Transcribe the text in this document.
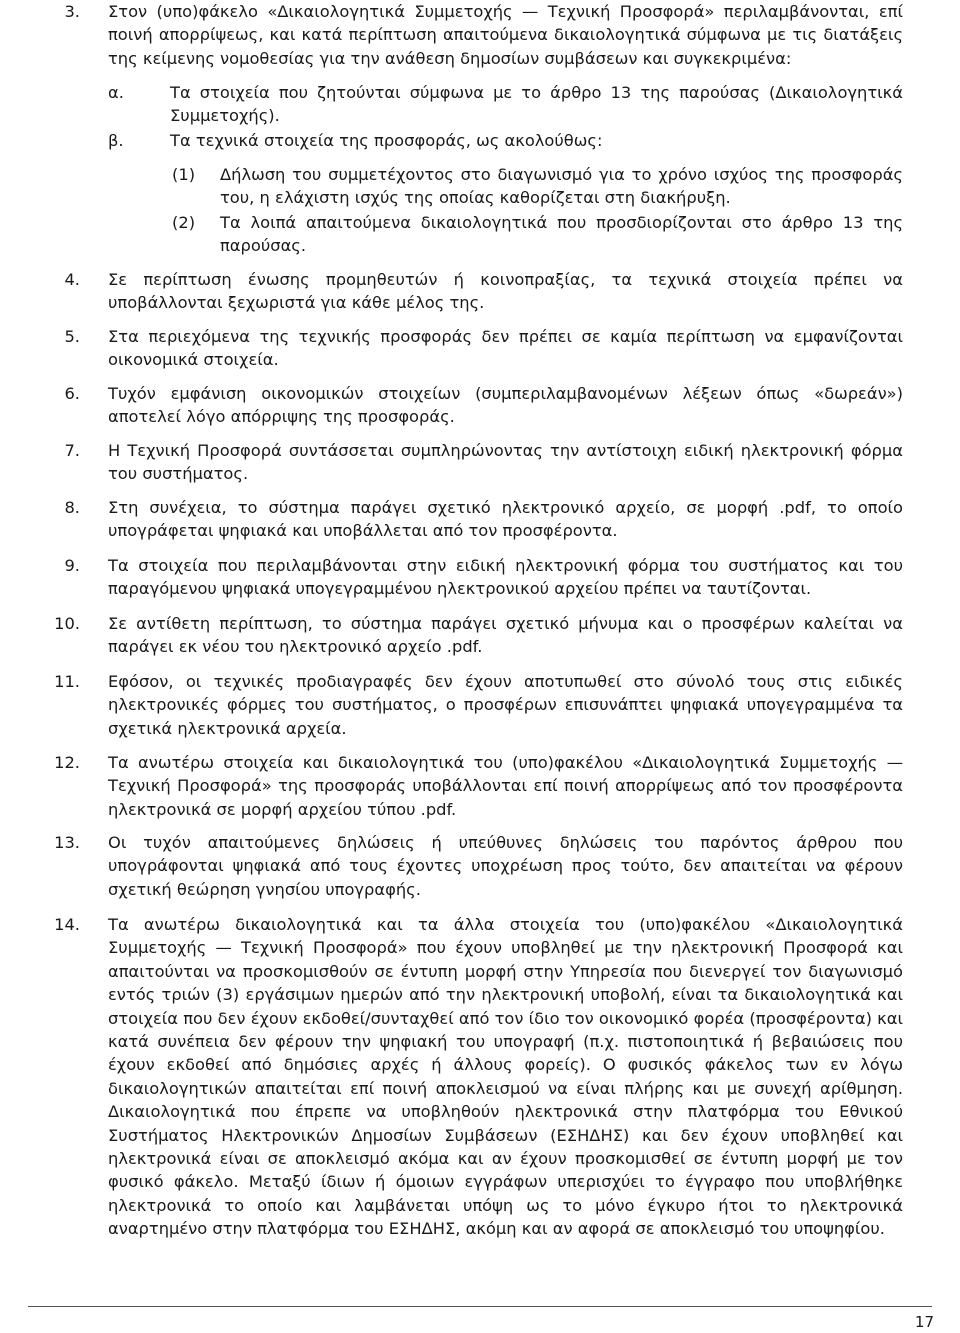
3. Στον (υπο)φάκελο «Δικαιολογητικά Συμμετοχής — Τεχνική Προσφορά» περιλαμβάνονται, επί ποινή απορρίψεως, και κατά περίπτωση απαιτούμενα δικαιολογητικά σύμφωνα με τις διατάξεις της κείμενης νομοθεσίας για την ανάθεση δημοσίων συμβάσεων και συγκεκριμένα:
α.	Τα στοιχεία που ζητούνται σύμφωνα με το άρθρο 13 της παρούσας (Δικαιολογητικά Συμμετοχής).
β.	Τα τεχνικά στοιχεία της προσφοράς, ως ακολούθως:
(1) Δήλωση του συμμετέχοντος στο διαγωνισμό για το χρόνο ισχύος της προσφοράς του, η ελάχιστη ισχύς της οποίας καθορίζεται στη διακήρυξη.
(2) Τα λοιπά απαιτούμενα δικαιολογητικά που προσδιορίζονται στο άρθρο 13 της παρούσας.
4. Σε περίπτωση ένωσης προμηθευτών ή κοινοπραξίας, τα τεχνικά στοιχεία πρέπει να υποβάλλονται ξεχωριστά για κάθε μέλος της.
5. Στα περιεχόμενα της τεχνικής προσφοράς δεν πρέπει σε καμία περίπτωση να εμφανίζονται οικονομικά στοιχεία.
6. Τυχόν εμφάνιση οικονομικών στοιχείων (συμπεριλαμβανομένων λέξεων όπως «δωρεάν») αποτελεί λόγο απόρριψης της προσφοράς.
7. Η Τεχνική Προσφορά συντάσσεται συμπληρώνοντας την αντίστοιχη ειδική ηλεκτρονική φόρμα του συστήματος.
8. Στη συνέχεια, το σύστημα παράγει σχετικό ηλεκτρονικό αρχείο, σε μορφή .pdf, το οποίο υπογράφεται ψηφιακά και υποβάλλεται από τον προσφέροντα.
9. Τα στοιχεία που περιλαμβάνονται στην ειδική ηλεκτρονική φόρμα του συστήματος και του παραγόμενου ψηφιακά υπογεγραμμένου ηλεκτρονικού αρχείου πρέπει να ταυτίζονται.
10. Σε αντίθετη περίπτωση, το σύστημα παράγει σχετικό μήνυμα και ο προσφέρων καλείται να παράγει εκ νέου του ηλεκτρονικό αρχείο .pdf.
11. Εφόσον, οι τεχνικές προδιαγραφές δεν έχουν αποτυπωθεί στο σύνολό τους στις ειδικές ηλεκτρονικές φόρμες του συστήματος, ο προσφέρων επισυνάπτει ψηφιακά υπογεγραμμένα τα σχετικά ηλεκτρονικά αρχεία.
12. Τα ανωτέρω στοιχεία και δικαιολογητικά του (υπο)φακέλου «Δικαιολογητικά Συμμετοχής — Τεχνική Προσφορά» της προσφοράς υποβάλλονται επί ποινή απορρίψεως από τον προσφέροντα ηλεκτρονικά σε μορφή αρχείου τύπου .pdf.
13. Οι τυχόν απαιτούμενες δηλώσεις ή υπεύθυνες δηλώσεις του παρόντος άρθρου που υπογράφονται ψηφιακά από τους έχοντες υποχρέωση προς τούτο, δεν απαιτείται να φέρουν σχετική θεώρηση γνησίου υπογραφής.
14. Τα ανωτέρω δικαιολογητικά και τα άλλα στοιχεία του (υπο)φακέλου «Δικαιολογητικά Συμμετοχής — Τεχνική Προσφορά» που έχουν υποβληθεί με την ηλεκτρονική Προσφορά και απαιτούνται να προσκομισθούν σε έντυπη μορφή στην Υπηρεσία που διενεργεί τον διαγωνισμό εντός τριών (3) εργάσιμων ημερών από την ηλεκτρονική υποβολή, είναι τα δικαιολογητικά και στοιχεία που δεν έχουν εκδοθεί/συνταχθεί από τον ίδιο τον οικονομικό φορέα (προσφέροντα) και κατά συνέπεια δεν φέρουν την ψηφιακή του υπογραφή (π.χ. πιστοποιητικά ή βεβαιώσεις που έχουν εκδοθεί από δημόσιες αρχές ή άλλους φορείς). Ο φυσικός φάκελος των εν λόγω δικαιολογητικών απαιτείται επί ποινή αποκλεισμού να είναι πλήρης και με συνεχή αρίθμηση. Δικαιολογητικά που έπρεπε να υποβληθούν ηλεκτρονικά στην πλατφόρμα του Εθνικού Συστήματος Ηλεκτρονικών Δημοσίων Συμβάσεων (ΕΣΗΔΗΣ) και δεν έχουν υποβληθεί και ηλεκτρονικά είναι σε αποκλεισμό ακόμα και αν έχουν προσκομισθεί σε έντυπη μορφή με τον φυσικό φάκελο. Μεταξύ ίδιων ή όμοιων εγγράφων υπερισχύει το έγγραφο που υποβλήθηκε ηλεκτρονικά το οποίο και λαμβάνεται υπόψη ως το μόνο έγκυρο ήτοι το ηλεκτρονικά αναρτημένο στην πλατφόρμα του ΕΣΗΔΗΣ, ακόμη και αν αφορά σε αποκλεισμό του υποψηφίου.
17
